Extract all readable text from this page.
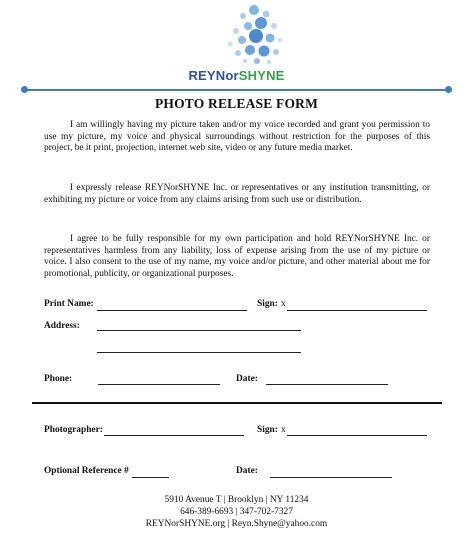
REYNorSHYNE
PHOTO RELEASE FORM
I am willingly having my picture taken and/or my voice recorded and grant you permission to use my picture, my voice and physical surroundings without restriction for the purposes of this project, be it print, projection, internet web site, video or any future media market.
I expressly release REYNorSHYNE Inc. or representatives or any institution transmitting, or exhibiting my picture or voice from any claims arising from such use or distribution.
I agree to be fully responsible for my own participation and hold REYNorSHYNE Inc. or representatives harmless from any liability, loss of expense arising from the use of my picture or voice. I also consent to the use of my name, my voice and/or picture, and other material about me for promotional, publicity, or organizational purposes.
Print Name:	Sign: x
Address:
Phone:	Date:
Photographer:	Sign: x
Optional Reference #	Date:
5910 Avenue T | Brooklyn | NY 11234
646-389-6693 | 347-702-7327
REYNorSHYNE.org | Reyn.Shyne@yahoo.com
